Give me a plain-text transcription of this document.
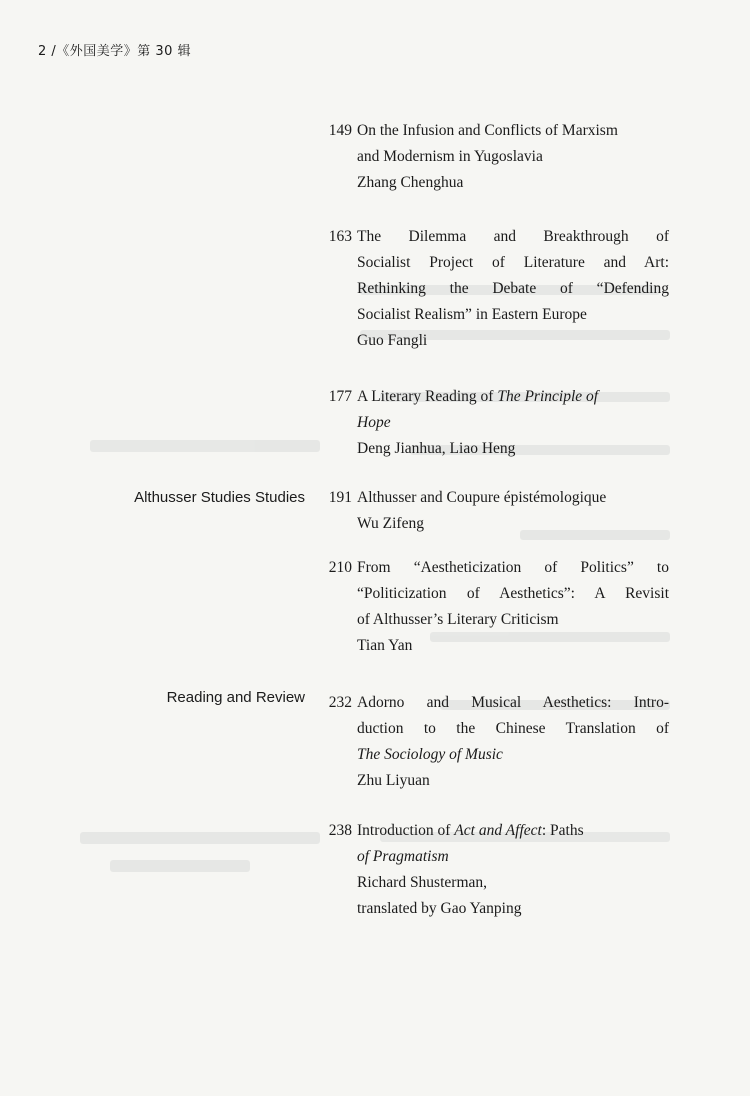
2 /《外国美学》第 30 辑
Althusser Studies Studies
Reading and Review
149 On the Infusion and Conflicts of Marxism
and Modernism in Yugoslavia
Zhang Chenghua
163 The Dilemma and Breakthrough of
Socialist Project of Literature and Art:
Rethinking the Debate of “Defending
Socialist Realism” in Eastern Europe
Guo Fangli
177 A Literary Reading of The Principle of
Hope
Deng Jianhua, Liao Heng
191 Althusser and Coupure épistémologique
Wu Zifeng
210 From “Aestheticization of Politics” to
“Politicization of Aesthetics”: A Revisit
of Althusser’s Literary Criticism
Tian Yan
232 Adorno and Musical Aesthetics: Intro-
duction to the Chinese Translation of
The Sociology of Music
Zhu Liyuan
238 Introduction of Act and Affect: Paths
of Pragmatism
Richard Shusterman,
translated by Gao Yanping
